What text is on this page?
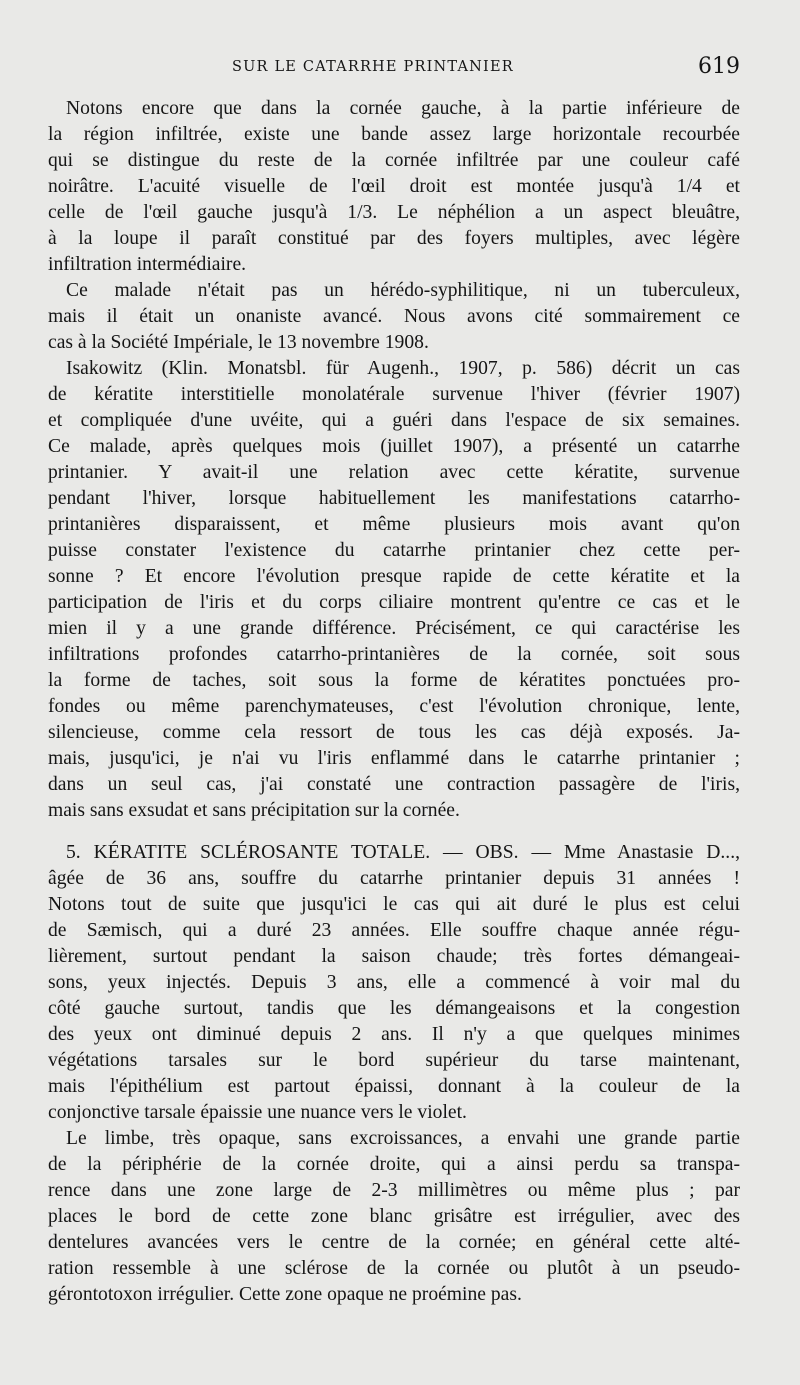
SUR LE CATARRHE PRINTANIER	619
Notons encore que dans la cornée gauche, à la partie inférieure de
la région infiltrée, existe une bande assez large horizontale recourbée
qui se distingue du reste de la cornée infiltrée par une couleur café
noirâtre. L'acuité visuelle de l'œil droit est montée jusqu'à 1/4 et
celle de l'œil gauche jusqu'à 1/3. Le néphélion a un aspect bleuâtre,
à la loupe il paraît constitué par des foyers multiples, avec légère
infiltration intermédiaire.
Ce malade n'était pas un hérédo-syphilitique, ni un tuberculeux,
mais il était un onaniste avancé. Nous avons cité sommairement ce
cas à la Société Impériale, le 13 novembre 1908.
Isakowitz (Klin. Monatsbl. für Augenh., 1907, p. 586) décrit un cas
de kératite interstitielle monolatérale survenue l'hiver (février 1907)
et compliquée d'une uvéite, qui a guéri dans l'espace de six semaines.
Ce malade, après quelques mois (juillet 1907), a présenté un catarrhe
printanier. Y avait-il une relation avec cette kératite, survenue
pendant l'hiver, lorsque habituellement les manifestations catarrho-
printanières disparaissent, et même plusieurs mois avant qu'on
puisse constater l'existence du catarrhe printanier chez cette per-
sonne ? Et encore l'évolution presque rapide de cette kératite et la
participation de l'iris et du corps ciliaire montrent qu'entre ce cas et le
mien il y a une grande différence. Précisément, ce qui caractérise les
infiltrations profondes catarrho-printanières de la cornée, soit sous
la forme de taches, soit sous la forme de kératites ponctuées pro-
fondes ou même parenchymateuses, c'est l'évolution chronique, lente,
silencieuse, comme cela ressort de tous les cas déjà exposés. Ja-
mais, jusqu'ici, je n'ai vu l'iris enflammé dans le catarrhe printanier ;
dans un seul cas, j'ai constaté une contraction passagère de l'iris,
mais sans exsudat et sans précipitation sur la cornée.
5. KÉRATITE SCLÉROSANTE TOTALE. — OBS. — Mme Anastasie D...,
âgée de 36 ans, souffre du catarrhe printanier depuis 31 années !
Notons tout de suite que jusqu'ici le cas qui ait duré le plus est celui
de Sæmisch, qui a duré 23 années. Elle souffre chaque année régu-
lièrement, surtout pendant la saison chaude; très fortes démangeai-
sons, yeux injectés. Depuis 3 ans, elle a commencé à voir mal du
côté gauche surtout, tandis que les démangeaisons et la congestion
des yeux ont diminué depuis 2 ans. Il n'y a que quelques minimes
végétations tarsales sur le bord supérieur du tarse maintenant,
mais l'épithélium est partout épaissi, donnant à la couleur de la
conjonctive tarsale épaissie une nuance vers le violet.
Le limbe, très opaque, sans excroissances, a envahi une grande partie
de la périphérie de la cornée droite, qui a ainsi perdu sa transpa-
rence dans une zone large de 2-3 millimètres ou même plus ; par
places le bord de cette zone blanc grisâtre est irrégulier, avec des
dentelures avancées vers le centre de la cornée; en général cette alté-
ration ressemble à une sclérose de la cornée ou plutôt à un pseudo-
gérontotoxon irrégulier. Cette zone opaque ne proémine pas.
